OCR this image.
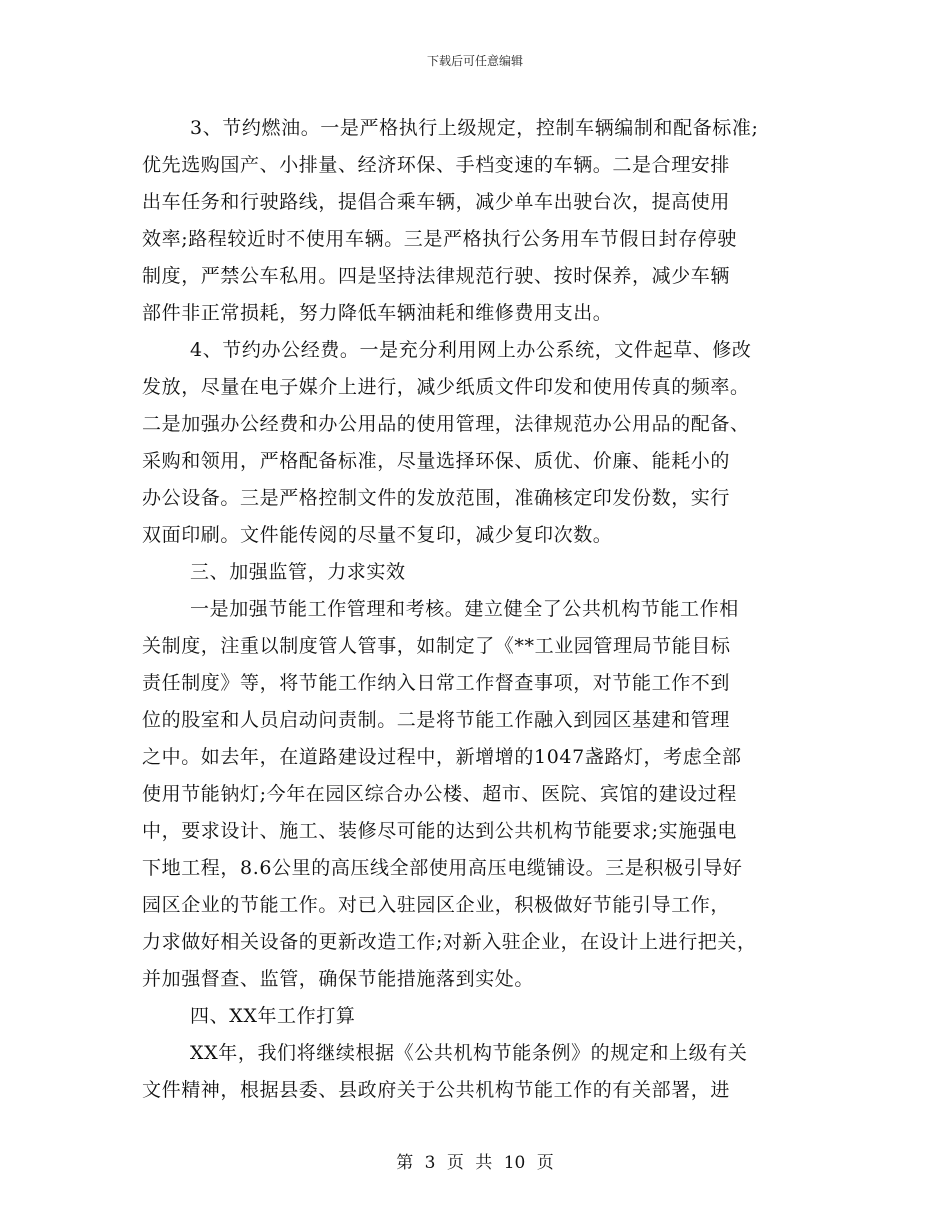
下载后可任意编辑
3、节约燃油。一是严格执行上级规定，控制车辆编制和配备标准;
优先选购国产、小排量、经济环保、手档变速的车辆。二是合理安排
出车任务和行驶路线，提倡合乘车辆，减少单车出驶台次，提高使用
效率;路程较近时不使用车辆。三是严格执行公务用车节假日封存停驶
制度，严禁公车私用。四是坚持法律规范行驶、按时保养，减少车辆
部件非正常损耗，努力降低车辆油耗和维修费用支出。
4、节约办公经费。一是充分利用网上办公系统，文件起草、修改
发放，尽量在电子媒介上进行，减少纸质文件印发和使用传真的频率。
二是加强办公经费和办公用品的使用管理，法律规范办公用品的配备、
采购和领用，严格配备标准，尽量选择环保、质优、价廉、能耗小的
办公设备。三是严格控制文件的发放范围，准确核定印发份数，实行
双面印刷。文件能传阅的尽量不复印，减少复印次数。
三、加强监管，力求实效
一是加强节能工作管理和考核。建立健全了公共机构节能工作相
关制度，注重以制度管人管事，如制定了《**工业园管理局节能目标
责任制度》等，将节能工作纳入日常工作督查事项，对节能工作不到
位的股室和人员启动问责制。二是将节能工作融入到园区基建和管理
之中。如去年，在道路建设过程中，新增增的1047盏路灯，考虑全部
使用节能钠灯;今年在园区综合办公楼、超市、医院、宾馆的建设过程
中，要求设计、施工、装修尽可能的达到公共机构节能要求;实施强电
下地工程，8.6公里的高压线全部使用高压电缆铺设。三是积极引导好
园区企业的节能工作。对已入驻园区企业，积极做好节能引导工作，
力求做好相关设备的更新改造工作;对新入驻企业，在设计上进行把关，
并加强督查、监管，确保节能措施落到实处。
四、XX年工作打算
XX年，我们将继续根据《公共机构节能条例》的规定和上级有关
文件精神，根据县委、县政府关于公共机构节能工作的有关部署，进
第 3 页 共 10 页
